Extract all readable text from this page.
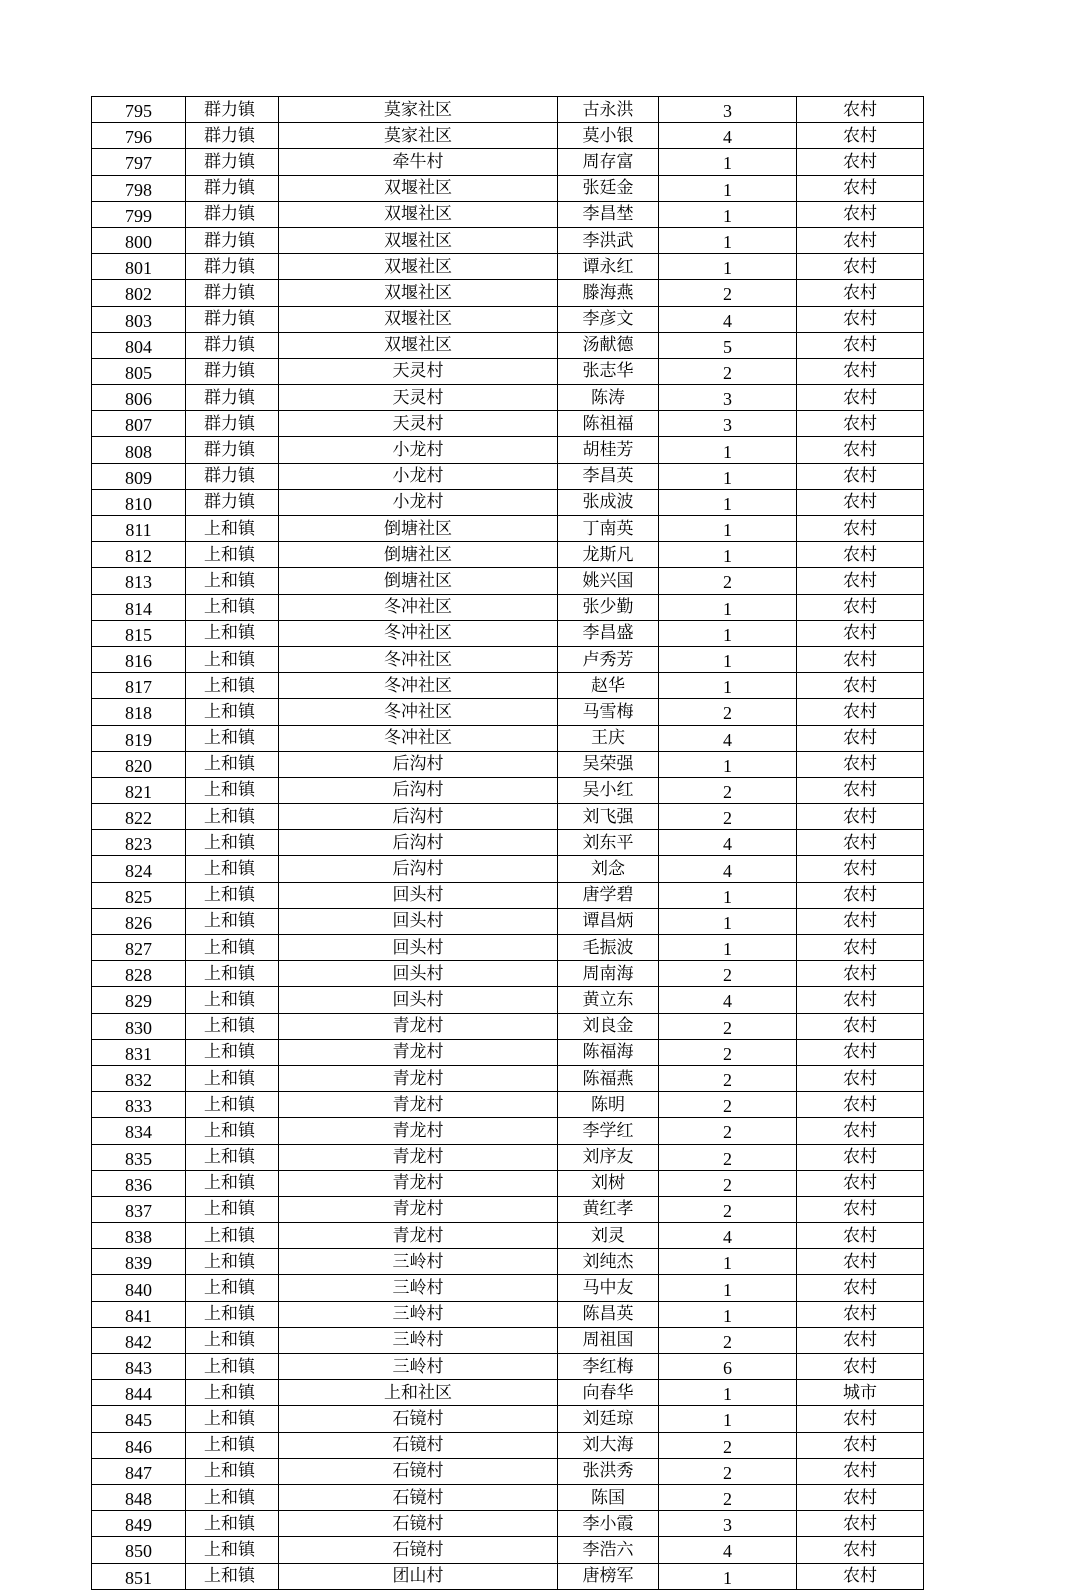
795	群力镇	莫家社区	古永洪	3	农村
796	群力镇	莫家社区	莫小银	4	农村
797	群力镇	牵牛村	周存富	1	农村
798	群力镇	双堰社区	张廷金	1	农村
799	群力镇	双堰社区	李昌埜	1	农村
800	群力镇	双堰社区	李洪武	1	农村
801	群力镇	双堰社区	谭永红	1	农村
802	群力镇	双堰社区	滕海燕	2	农村
803	群力镇	双堰社区	李彦文	4	农村
804	群力镇	双堰社区	汤献德	5	农村
805	群力镇	天灵村	张志华	2	农村
806	群力镇	天灵村	陈涛	3	农村
807	群力镇	天灵村	陈祖福	3	农村
808	群力镇	小龙村	胡桂芳	1	农村
809	群力镇	小龙村	李昌英	1	农村
810	群力镇	小龙村	张成波	1	农村
811	上和镇	倒塘社区	丁南英	1	农村
812	上和镇	倒塘社区	龙斯凡	1	农村
813	上和镇	倒塘社区	姚兴国	2	农村
814	上和镇	冬冲社区	张少勤	1	农村
815	上和镇	冬冲社区	李昌盛	1	农村
816	上和镇	冬冲社区	卢秀芳	1	农村
817	上和镇	冬冲社区	赵华	1	农村
818	上和镇	冬冲社区	马雪梅	2	农村
819	上和镇	冬冲社区	王庆	4	农村
820	上和镇	后沟村	吴荣强	1	农村
821	上和镇	后沟村	吴小红	2	农村
822	上和镇	后沟村	刘飞强	2	农村
823	上和镇	后沟村	刘东平	4	农村
824	上和镇	后沟村	刘念	4	农村
825	上和镇	回头村	唐学碧	1	农村
826	上和镇	回头村	谭昌炳	1	农村
827	上和镇	回头村	毛振波	1	农村
828	上和镇	回头村	周南海	2	农村
829	上和镇	回头村	黄立东	4	农村
830	上和镇	青龙村	刘良金	2	农村
831	上和镇	青龙村	陈福海	2	农村
832	上和镇	青龙村	陈福燕	2	农村
833	上和镇	青龙村	陈明	2	农村
834	上和镇	青龙村	李学红	2	农村
835	上和镇	青龙村	刘序友	2	农村
836	上和镇	青龙村	刘树	2	农村
837	上和镇	青龙村	黄红孝	2	农村
838	上和镇	青龙村	刘灵	4	农村
839	上和镇	三岭村	刘纯杰	1	农村
840	上和镇	三岭村	马中友	1	农村
841	上和镇	三岭村	陈昌英	1	农村
842	上和镇	三岭村	周祖国	2	农村
843	上和镇	三岭村	李红梅	6	农村
844	上和镇	上和社区	向春华	1	城市
845	上和镇	石镜村	刘廷琼	1	农村
846	上和镇	石镜村	刘大海	2	农村
847	上和镇	石镜村	张洪秀	2	农村
848	上和镇	石镜村	陈国	2	农村
849	上和镇	石镜村	李小霞	3	农村
850	上和镇	石镜村	李浩六	4	农村
851	上和镇	团山村	唐榜军	1	农村
